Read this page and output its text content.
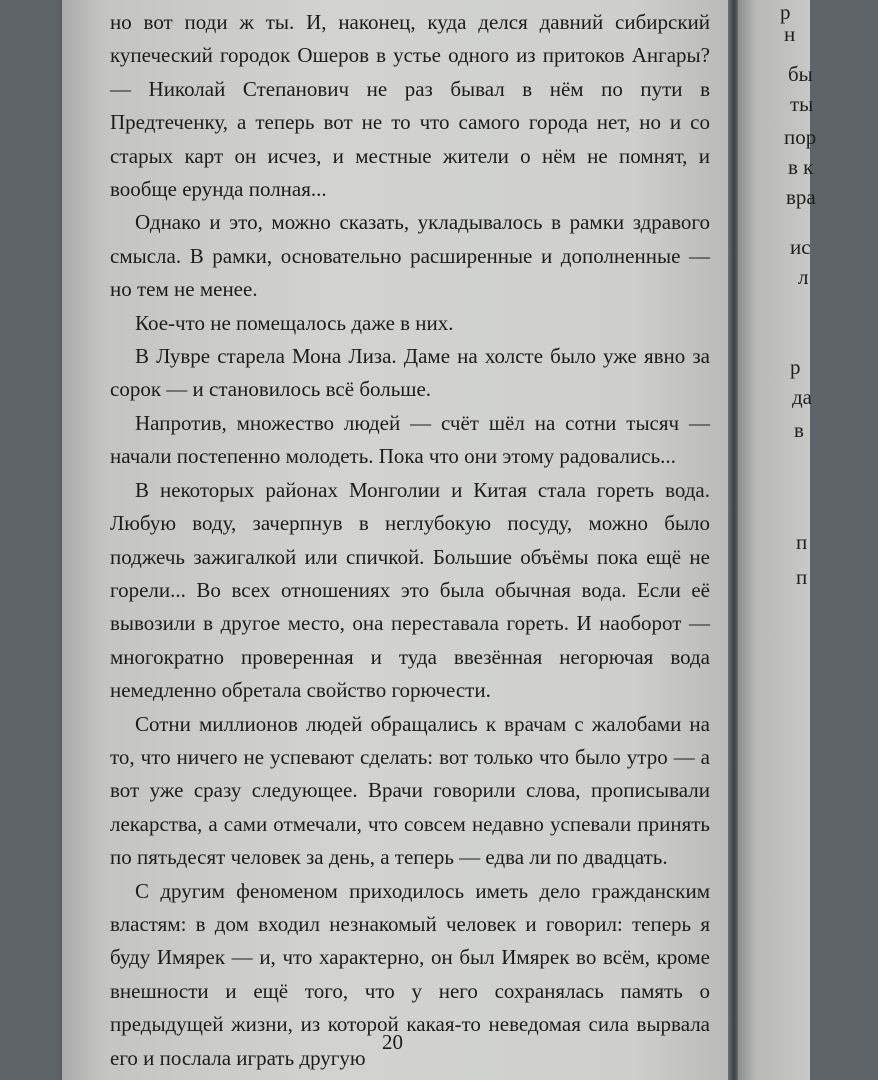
р
н
бы
ты
пор
в к
вра
ис
л
р
да
в
п
п

но вот поди ж ты. И, наконец, куда делся давний сибирский купеческий городок Ошеров в устье одного из притоков Ангары? — Николай Степанович не раз бывал в нём по пути в Предтеченку, а теперь вот не то что самого города нет, но и со старых карт он исчез, и местные жители о нём не помнят, и вообще ерунда полная...

Однако и это, можно сказать, укладывалось в рамки здравого смысла. В рамки, основательно расширенные и дополненные — но тем не менее.

Кое-что не помещалось даже в них.

В Лувре старела Мона Лиза. Даме на холсте было уже явно за сорок — и становилось всё больше.

Напротив, множество людей — счёт шёл на сотни тысяч — начали постепенно молодеть. Пока что они этому радовались...

В некоторых районах Монголии и Китая стала гореть вода. Любую воду, зачерпнув в неглубокую посуду, можно было поджечь зажигалкой или спичкой. Большие объёмы пока ещё не горели... Во всех отношениях это была обычная вода. Если её вывозили в другое место, она переставала гореть. И наоборот — многократно проверенная и туда ввезённая негорючая вода немедленно обретала свойство горючести.

Сотни миллионов людей обращались к врачам с жалобами на то, что ничего не успевают сделать: вот только что было утро — а вот уже сразу следующее. Врачи говорили слова, прописывали лекарства, а сами отмечали, что совсем недавно успевали принять по пятьдесят человек за день, а теперь — едва ли по двадцать.

С другим феноменом приходилось иметь дело гражданским властям: в дом входил незнакомый человек и говорил: теперь я буду Имярек — и, что характерно, он был Имярек во всём, кроме внешности и ещё того, что у него сохранялась память о предыдущей жизни, из которой какая-то неведомая сила вырвала его и послала играть другую

20
